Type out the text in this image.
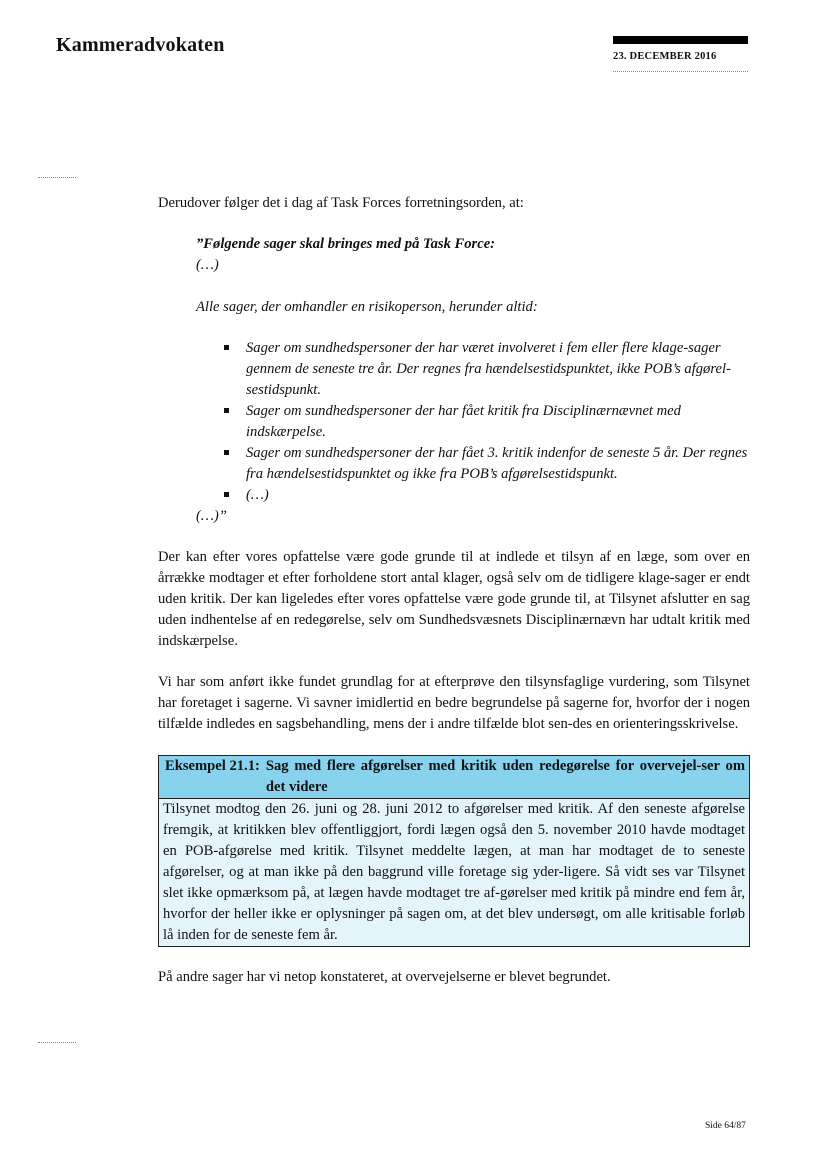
Kammeradvokaten
23. DECEMBER 2016

Derudover følger det i dag af Task Forces forretningsorden, at:

”Følgende sager skal bringes med på Task Force:
(…)
Alle sager, der omhandler en risikoperson, herunder altid:
Sager om sundhedspersoner der har været involveret i fem eller flere klage-sager gennem de seneste tre år. Der regnes fra hændelsestidspunktet, ikke POB’s afgørel-sestidspunkt.
Sager om sundhedspersoner der har fået kritik fra Disciplinærnævnet med indskærpelse.
Sager om sundhedspersoner der har fået 3. kritik indenfor de seneste 5 år. Der regnes fra hændelsestidspunktet og ikke fra POB’s afgørelsestidspunkt.
(…)
(…)”

Der kan efter vores opfattelse være gode grunde til at indlede et tilsyn af en læge, som over en årrække modtager et efter forholdene stort antal klager, også selv om de tidligere klage-sager er endt uden kritik. Der kan ligeledes efter vores opfattelse være gode grunde til, at Tilsynet afslutter en sag uden indhentelse af en redegørelse, selv om Sundhedsvæsnets Disciplinærnævn har udtalt kritik med indskærpelse.

Vi har som anført ikke fundet grundlag for at efterprøve den tilsynsfaglige vurdering, som Tilsynet har foretaget i sagerne. Vi savner imidlertid en bedre begrundelse på sagerne for, hvorfor der i nogen tilfælde indledes en sagsbehandling, mens der i andre tilfælde blot sen-des en orienteringsskrivelse.

Eksempel 21.1: Sag med flere afgørelser med kritik uden redegørelse for overvejel-ser om det videre
Tilsynet modtog den 26. juni og 28. juni 2012 to afgørelser med kritik. Af den seneste afgørelse fremgik, at kritikken blev offentliggjort, fordi lægen også den 5. november 2010 havde modtaget en POB-afgørelse med kritik. Tilsynet meddelte lægen, at man har modtaget de to seneste afgørelser, og at man ikke på den baggrund ville foretage sig yder-ligere. Så vidt ses var Tilsynet slet ikke opmærksom på, at lægen havde modtaget tre af-gørelser med kritik på mindre end fem år, hvorfor der heller ikke er oplysninger på sagen om, at det blev undersøgt, om alle kritisable forløb lå inden for de seneste fem år.

På andre sager har vi netop konstateret, at overvejelserne er blevet begrundet.

Side 64/87
